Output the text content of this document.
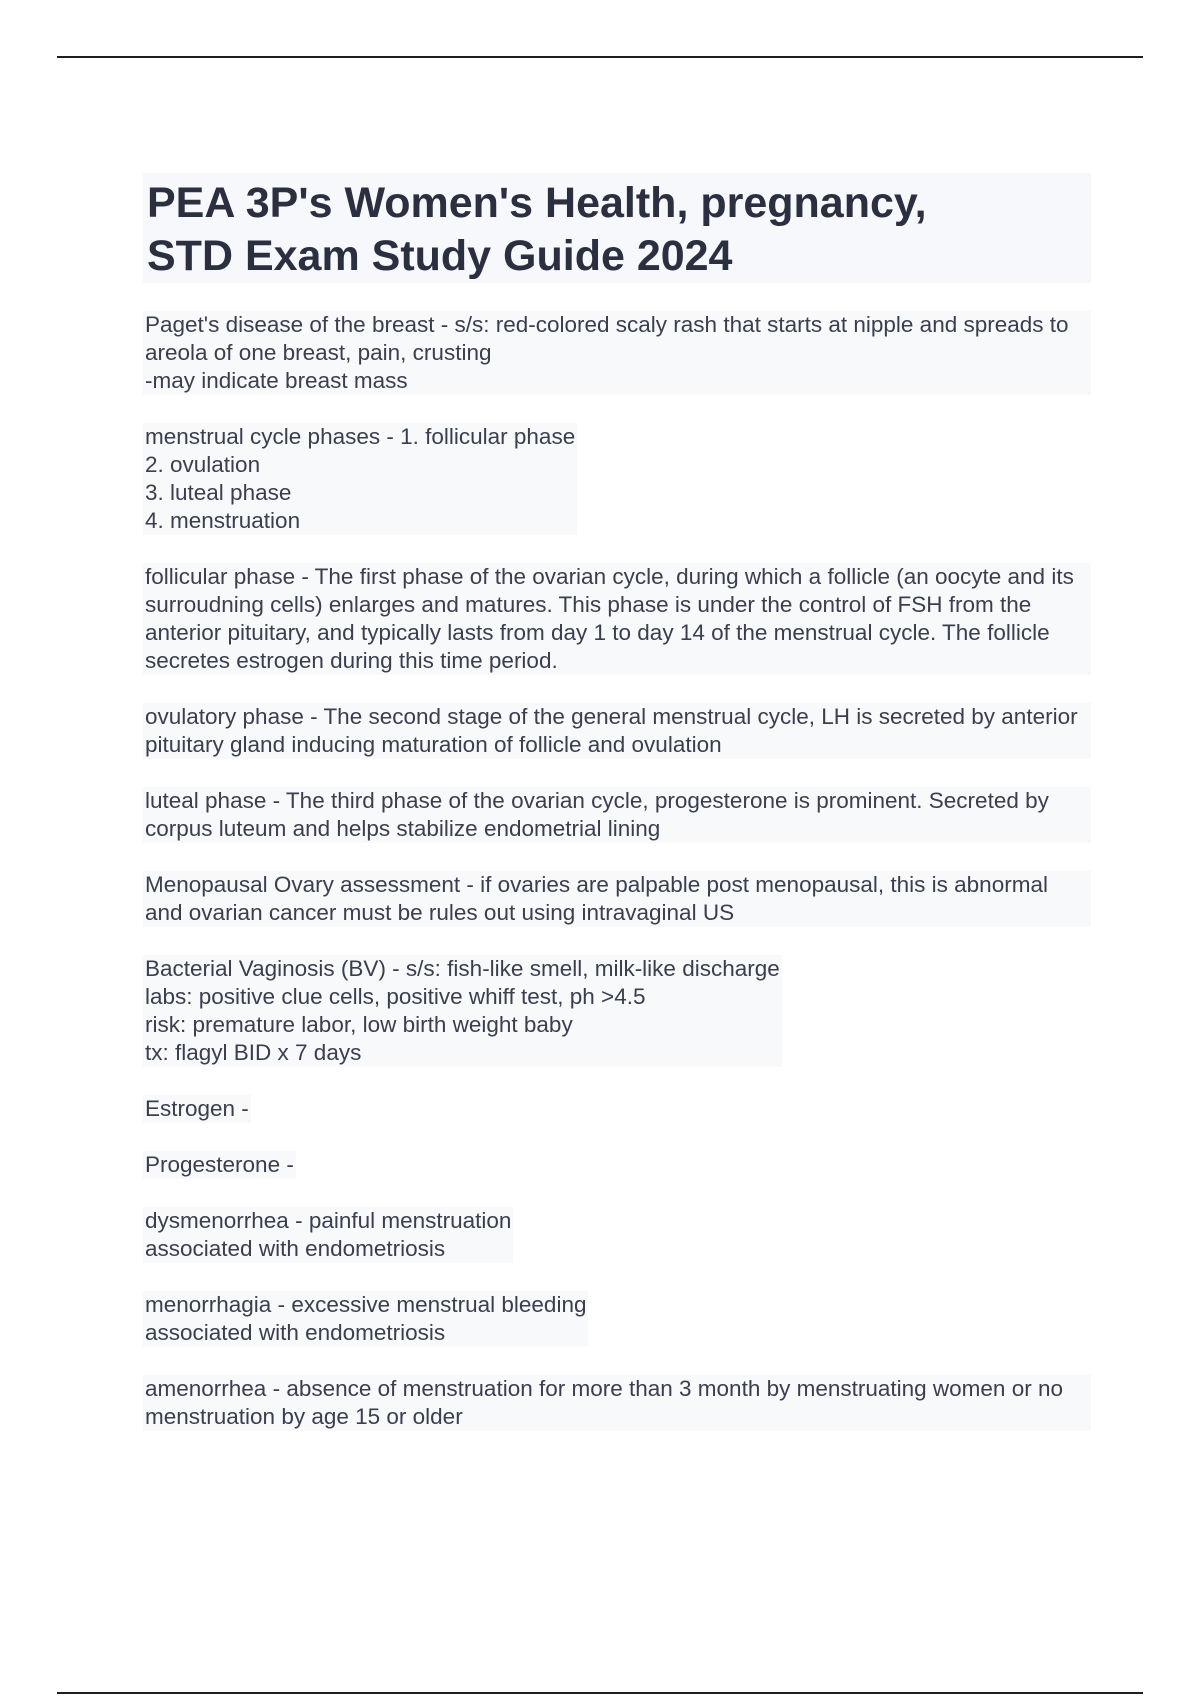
PEA 3P's Women's Health, pregnancy,
STD Exam Study Guide 2024
Paget's disease of the breast - s/s: red-colored scaly rash that starts at nipple and spreads to areola of one breast, pain, crusting
-may indicate breast mass
menstrual cycle phases - 1. follicular phase
2. ovulation
3. luteal phase
4. menstruation
follicular phase - The first phase of the ovarian cycle, during which a follicle (an oocyte and its surroudning cells) enlarges and matures. This phase is under the control of FSH from the anterior pituitary, and typically lasts from day 1 to day 14 of the menstrual cycle. The follicle secretes estrogen during this time period.
ovulatory phase - The second stage of the general menstrual cycle, LH is secreted by anterior pituitary gland inducing maturation of follicle and ovulation
luteal phase - The third phase of the ovarian cycle, progesterone is prominent. Secreted by corpus luteum and helps stabilize endometrial lining
Menopausal Ovary assessment - if ovaries are palpable post menopausal, this is abnormal and ovarian cancer must be rules out using intravaginal US
Bacterial Vaginosis (BV) - s/s: fish-like smell, milk-like discharge
labs: positive clue cells, positive whiff test, ph >4.5
risk: premature labor, low birth weight baby
tx: flagyl BID x 7 days
Estrogen -
Progesterone -
dysmenorrhea - painful menstruation
associated with endometriosis
menorrhagia - excessive menstrual bleeding
associated with endometriosis
amenorrhea - absence of menstruation for more than 3 month by menstruating women or no menstruation by age 15 or older
